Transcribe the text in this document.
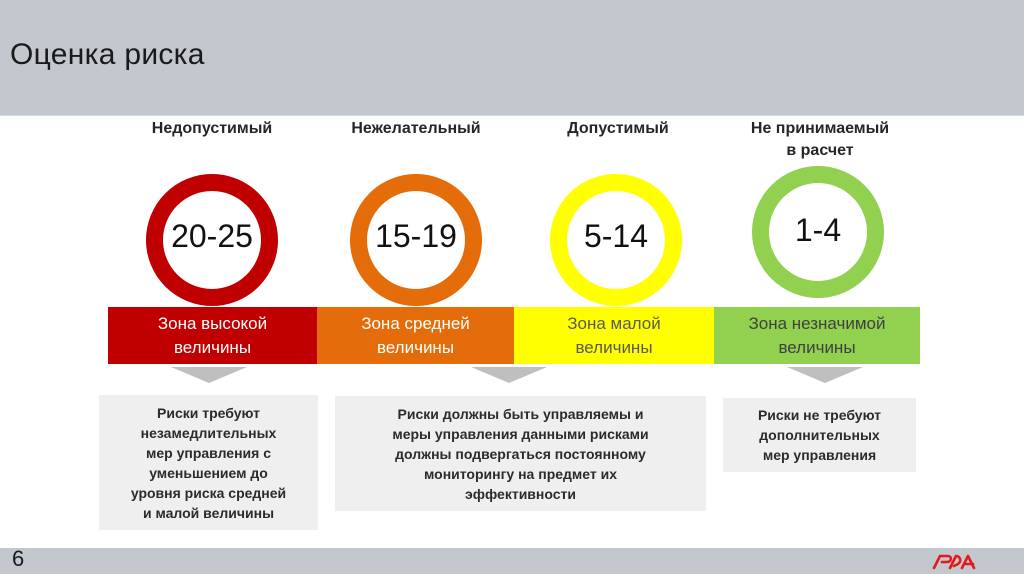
Оценка риска
Недопустимый	Нежелательный	Допустимый	Не принимаемый
в расчет
20-25	15-19	5-14	1-4
Зона высокой
величины
Зона средней
величины
Зона малой
величины
Зона незначимой
величины
Риски требуют
незамедлительных
мер управления с
уменьшением до
уровня риска средней
и малой величины
Риски должны быть управляемы и
меры управления данными рисками
должны подвергаться постоянному
мониторингу на предмет их
эффективности
Риски не требуют
дополнительных
мер управления
6
